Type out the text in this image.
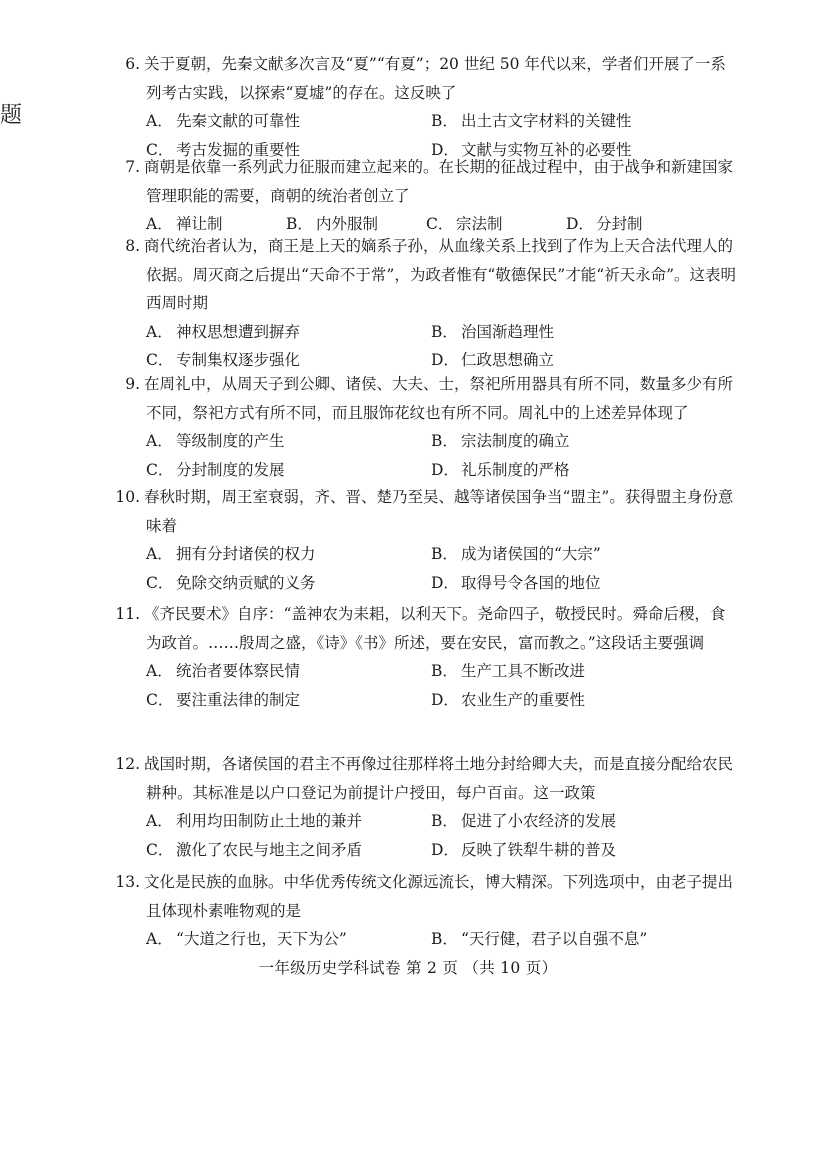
题
6. 关于夏朝，先秦文献多次言及“夏”“有夏”；20 世纪 50 年代以来，学者们开展了一系列考古实践，以探索“夏墟”的存在。这反映了
A． 先秦文献的可靠性	B． 出土古文字材料的关键性
C． 考古发掘的重要性	D． 文献与实物互补的必要性
7. 商朝是依靠一系列武力征服而建立起来的。在长期的征战过程中，由于战争和新建国家管理职能的需要，商朝的统治者创立了
A． 禅让制	B． 内外服制	C． 宗法制	D． 分封制
8. 商代统治者认为，商王是上天的嫡系子孙，从血缘关系上找到了作为上天合法代理人的依据。周灭商之后提出“天命不于常”，为政者惟有“敬德保民”才能“祈天永命”。这表明西周时期
A． 神权思想遭到摒弃	B． 治国渐趋理性
C． 专制集权逐步强化	D． 仁政思想确立
9. 在周礼中，从周天子到公卿、诸侯、大夫、士，祭祀所用器具有所不同，数量多少有所不同，祭祀方式有所不同，而且服饰花纹也有所不同。周礼中的上述差异体现了
A． 等级制度的产生	B． 宗法制度的确立
C． 分封制度的发展	D． 礼乐制度的严格
10. 春秋时期，周王室衰弱，齐、晋、楚乃至吴、越等诸侯国争当“盟主”。获得盟主身份意味着
A． 拥有分封诸侯的权力	B． 成为诸侯国的“大宗”
C． 免除交纳贡赋的义务	D． 取得号令各国的地位
11. 《齐民要术》自序：“盖神农为耒耜，以利天下。尧命四子，敬授民时。舜命后稷，食为政首。……殷周之盛，《诗》《书》所述，要在安民，富而教之。”这段话主要强调
A． 统治者要体察民情	B． 生产工具不断改进
C． 要注重法律的制定	D． 农业生产的重要性
12. 战国时期，各诸侯国的君主不再像过往那样将土地分封给卿大夫，而是直接分配给农民耕种。其标准是以户口登记为前提计户授田，每户百亩。这一政策
A． 利用均田制防止土地的兼并	B． 促进了小农经济的发展
C． 激化了农民与地主之间矛盾	D． 反映了铁犁牛耕的普及
13. 文化是民族的血脉。中华优秀传统文化源远流长，博大精深。下列选项中，由老子提出且体现朴素唯物观的是
A． “大道之行也，天下为公”	B． “天行健，君子以自强不息”
一年级历史学科试卷 第 2 页 （共 10 页）
